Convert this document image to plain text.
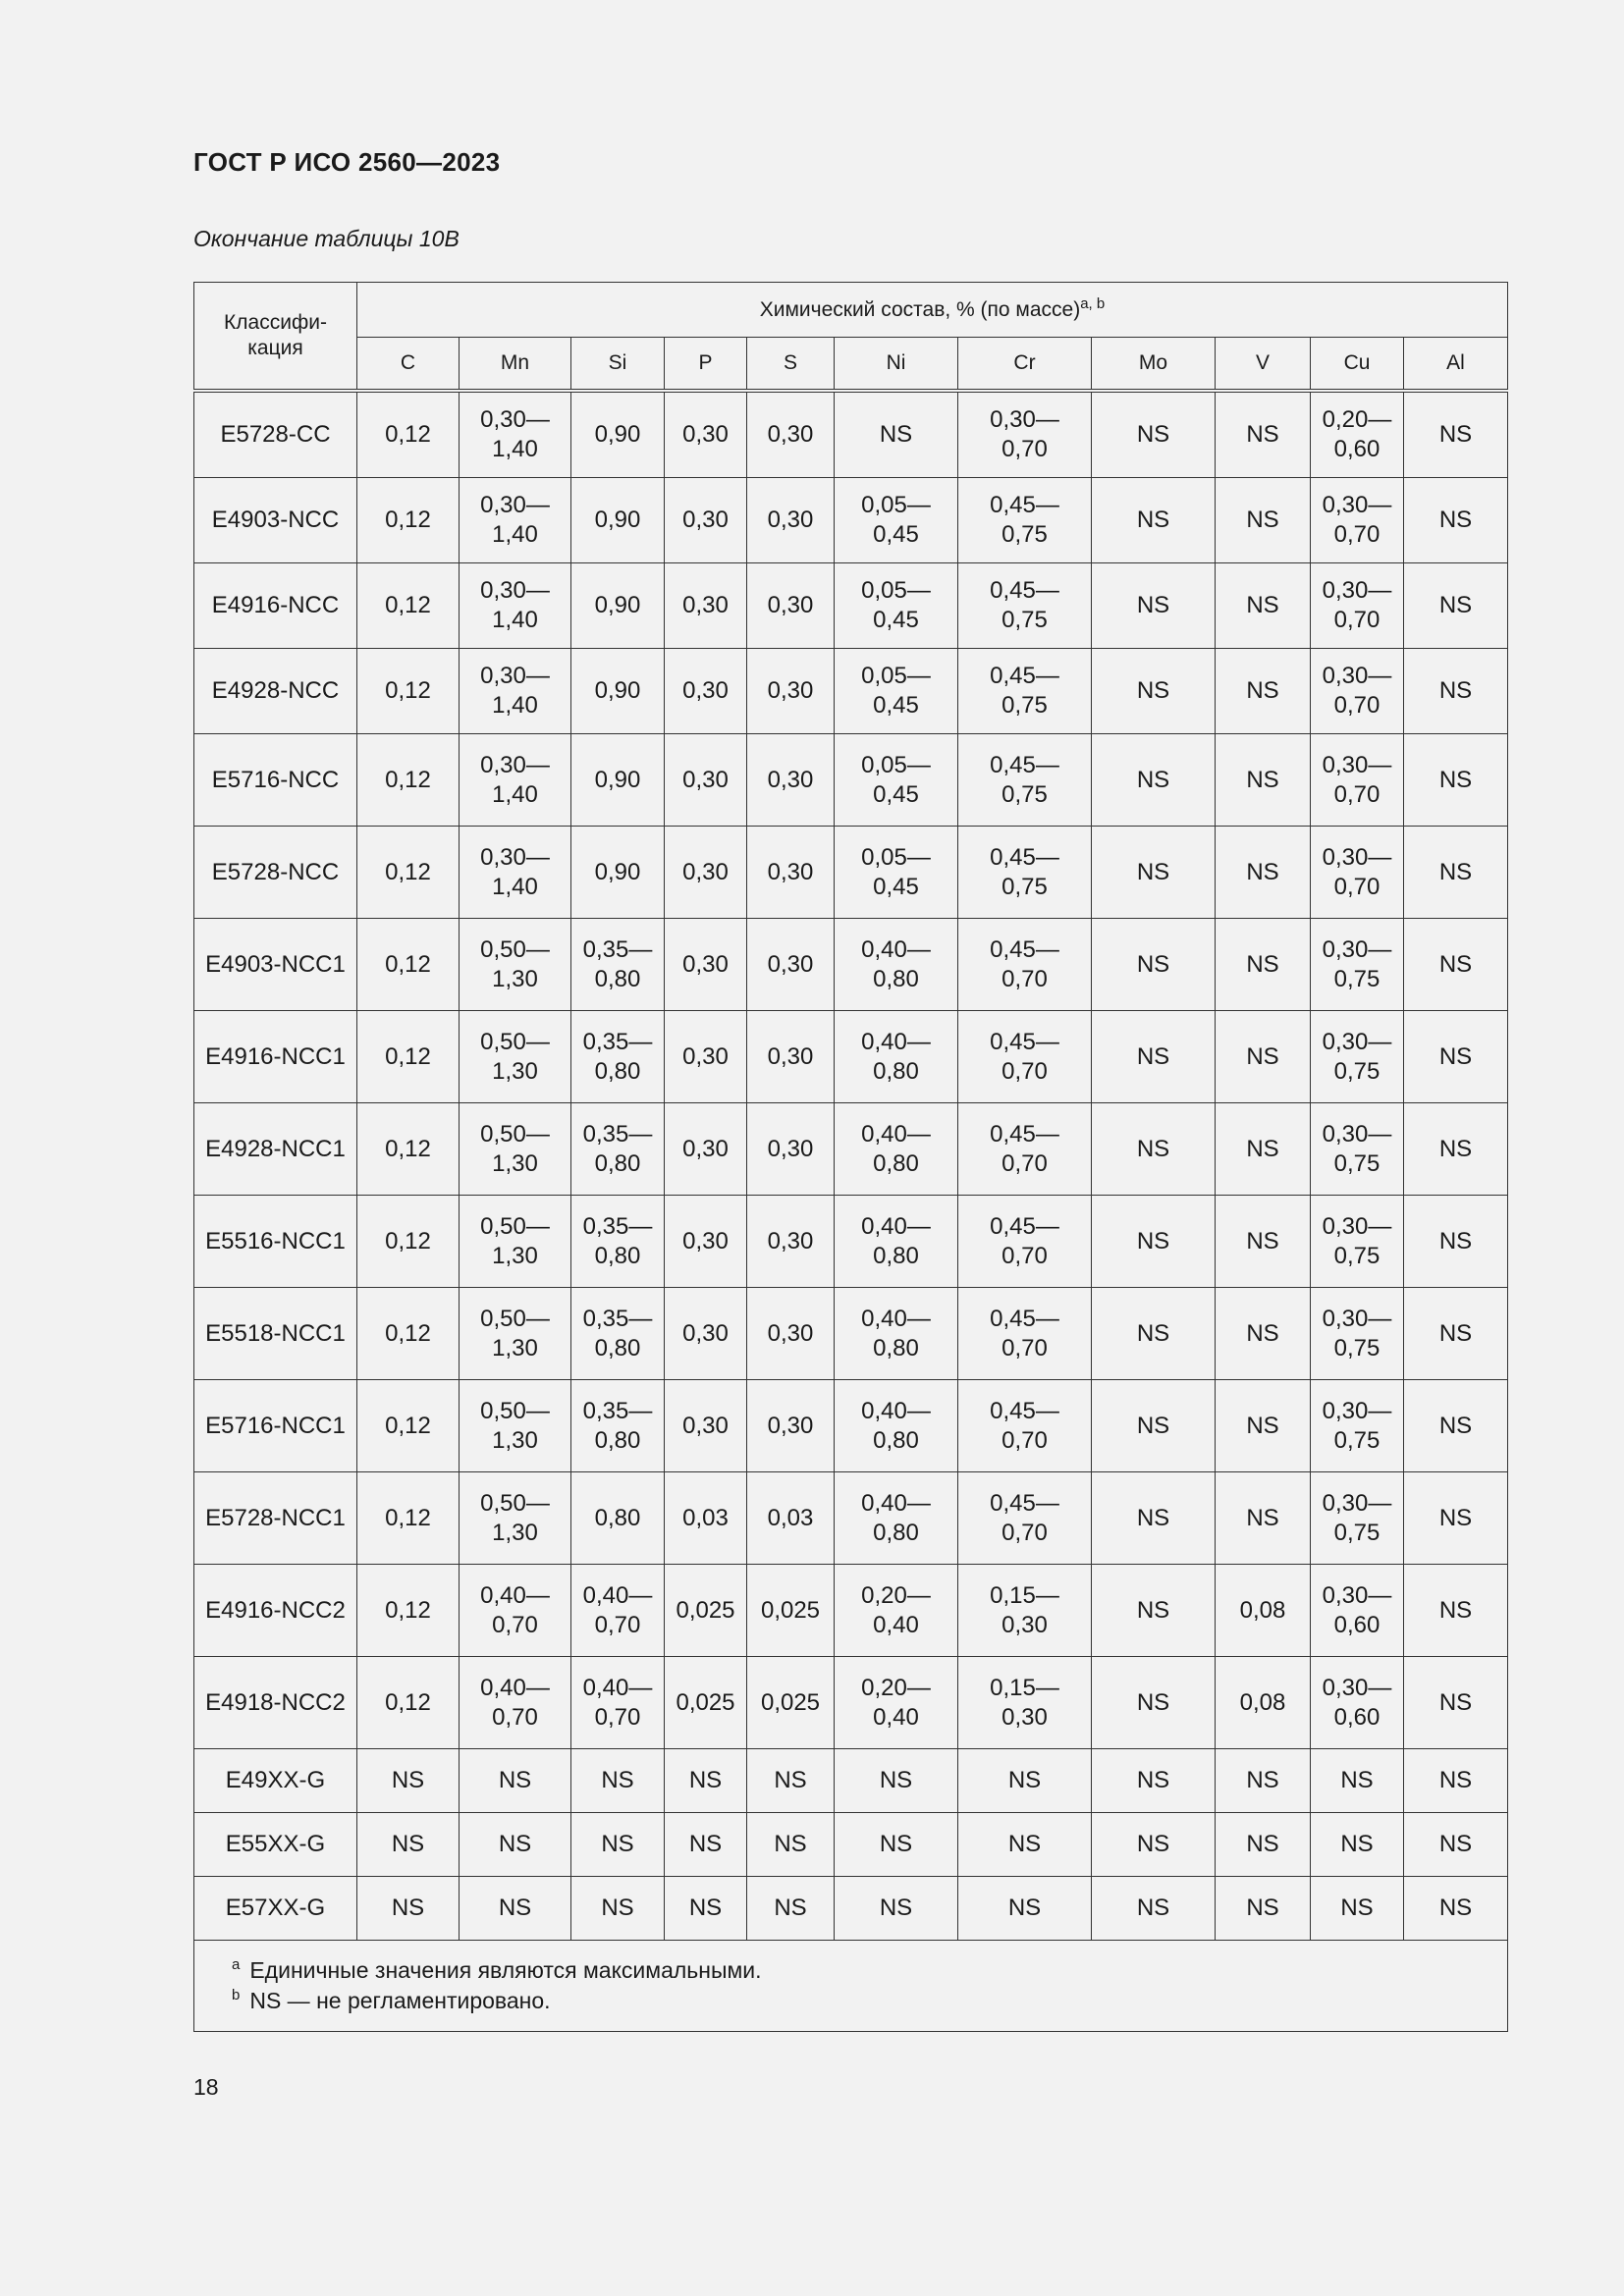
ГОСТ Р ИСО 2560—2023
Окончание таблицы 10В
Классифи-
кация	Химический состав, % (по массе)$^{a, b}$
	C	Mn	Si	P	S	Ni	Cr	Mo	V	Cu	Al

E5728-CC	0,12	0,30—
1,40	0,90	0,30	0,30	NS	0,30—
0,70	NS	NS	0,20—
0,60	NS

E4903-NCC	0,12	0,30—
1,40	0,90	0,30	0,30	0,05—
0,45	0,45—
0,75	NS	NS	0,30—
0,70	NS

E4916-NCC	0,12	0,30—
1,40	0,90	0,30	0,30	0,05—
0,45	0,45—
0,75	NS	NS	0,30—
0,70	NS

E4928-NCC	0,12	0,30—
1,40	0,90	0,30	0,30	0,05—
0,45	0,45—
0,75	NS	NS	0,30—
0,70	NS

E5716-NCC	0,12	0,30—
1,40	0,90	0,30	0,30	0,05—
0,45	0,45—
0,75	NS	NS	0,30—
0,70	NS

E5728-NCC	0,12	0,30—
1,40	0,90	0,30	0,30	0,05—
0,45	0,45—
0,75	NS	NS	0,30—
0,70	NS

E4903-NCC1	0,12	0,50—
1,30	0,35—
0,80	0,30	0,30	0,40—
0,80	0,45—
0,70	NS	NS	0,30—
0,75	NS

E4916-NCC1	0,12	0,50—
1,30	0,35—
0,80	0,30	0,30	0,40—
0,80	0,45—
0,70	NS	NS	0,30—
0,75	NS

E4928-NCC1	0,12	0,50—
1,30	0,35—
0,80	0,30	0,30	0,40—
0,80	0,45—
0,70	NS	NS	0,30—
0,75	NS

E5516-NCC1	0,12	0,50—
1,30	0,35—
0,80	0,30	0,30	0,40—
0,80	0,45—
0,70	NS	NS	0,30—
0,75	NS

E5518-NCC1	0,12	0,50—
1,30	0,35—
0,80	0,30	0,30	0,40—
0,80	0,45—
0,70	NS	NS	0,30—
0,75	NS

E5716-NCC1	0,12	0,50—
1,30	0,35—
0,80	0,30	0,30	0,40—
0,80	0,45—
0,70	NS	NS	0,30—
0,75	NS

E5728-NCC1	0,12	0,50—
1,30	0,80	0,03	0,03	0,40—
0,80	0,45—
0,70	NS	NS	0,30—
0,75	NS

E4916-NCC2	0,12	0,40—
0,70	0,40—
0,70	0,025	0,025	0,20—
0,40	0,15—
0,30	NS	0,08	0,30—
0,60	NS

E4918-NCC2	0,12	0,40—
0,70	0,40—
0,70	0,025	0,025	0,20—
0,40	0,15—
0,30	NS	0,08	0,30—
0,60	NS

E49XX-G	NS	NS	NS	NS	NS	NS	NS	NS	NS	NS	NS

E55XX-G	NS	NS	NS	NS	NS	NS	NS	NS	NS	NS	NS

E57XX-G	NS	NS	NS	NS	NS	NS	NS	NS	NS	NS	NS

$^a$ Единичные значения являются максимальными.
$^b$ NS — не регламентировано.											
18
